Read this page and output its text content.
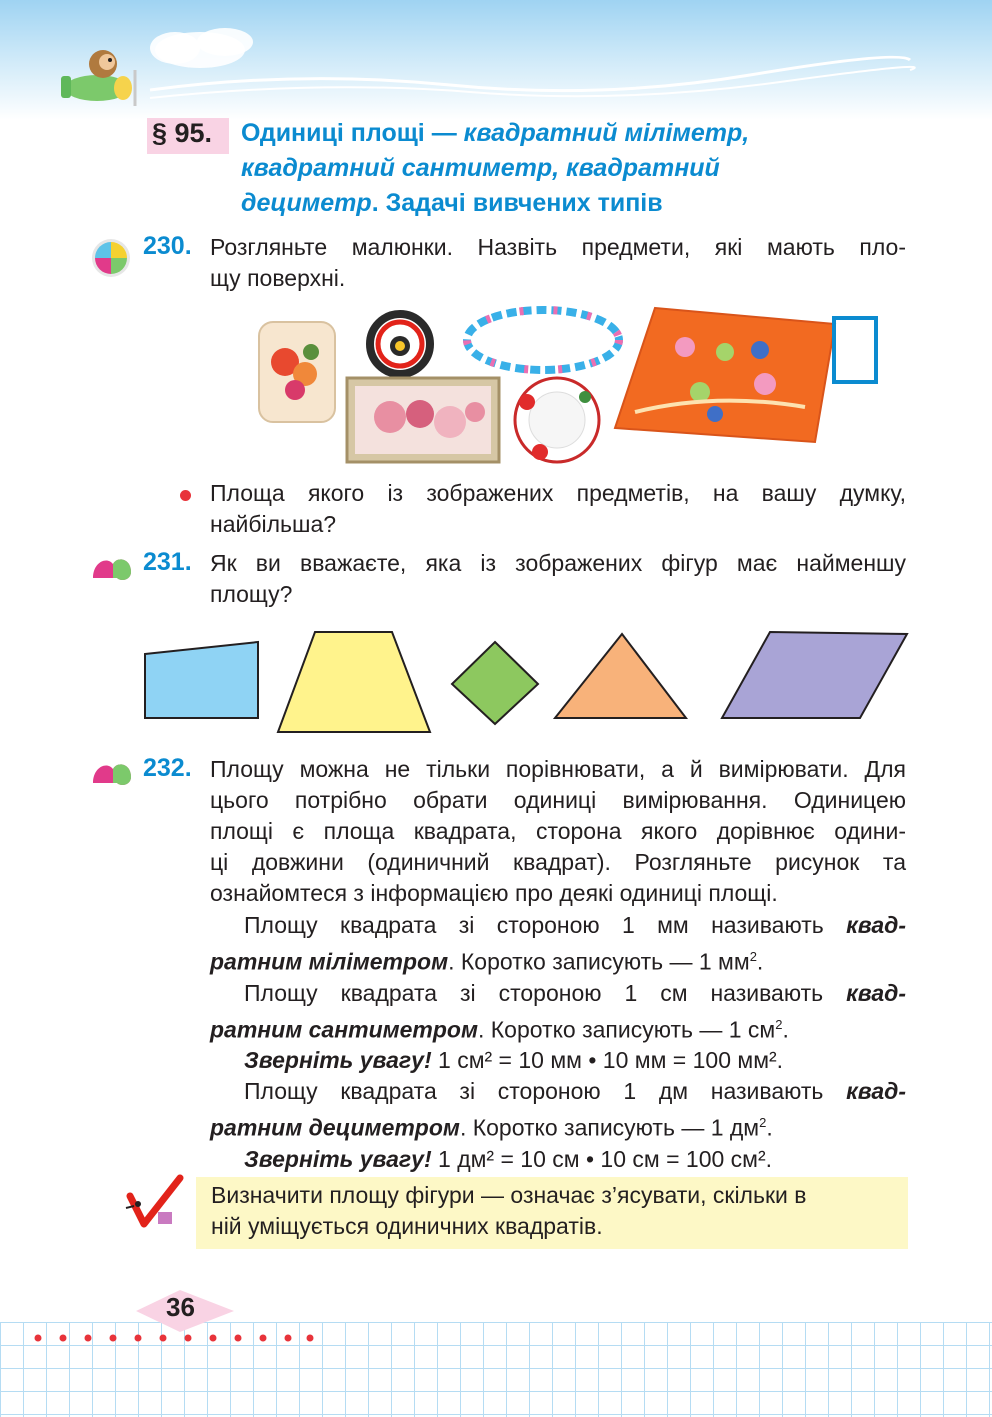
§ 95. Одиниці площі — квадратний міліметр,
квадратний сантиметр, квадратний
дециметр. Задачі вивчених типів
230. Розгляньте малюнки. Назвіть предмети, які мають пло-
щу поверхні.
Площа якого із зображених предметів, на вашу думку,
найбільша?
231. Як ви вважаєте, яка із зображених фігур має найменшу
площу?
232. Площу можна не тільки порівнювати, а й вимірювати. Для
цього потрібно обрати одиниці вимірювання. Одиницею
площі є площа квадрата, сторона якого дорівнює одини-
ці довжини (одиничний квадрат). Розгляньте рисунок та
ознайомтеся з інформацією про деякі одиниці площі.

Площу квадрата зі стороною 1 мм називають квад-

ратним міліметром. Коротко записують — 1 $мм^2$.

Площу квадрата зі стороною 1 см називають квад-

ратним сантиметром. Коротко записують — 1 $см^2$.

Зверніть увагу! 1 см² = 10 мм • 10 мм = 100 мм².

Площу квадрата зі стороною 1 дм називають квад-

ратним дециметром. Коротко записують — 1 $дм^2$.

Зверніть увагу! 1 дм² = 10 см • 10 см = 100 см².

Визначити площу фігури — означає з’ясувати, скільки в
ній уміщується одиничних квадратів.
36
